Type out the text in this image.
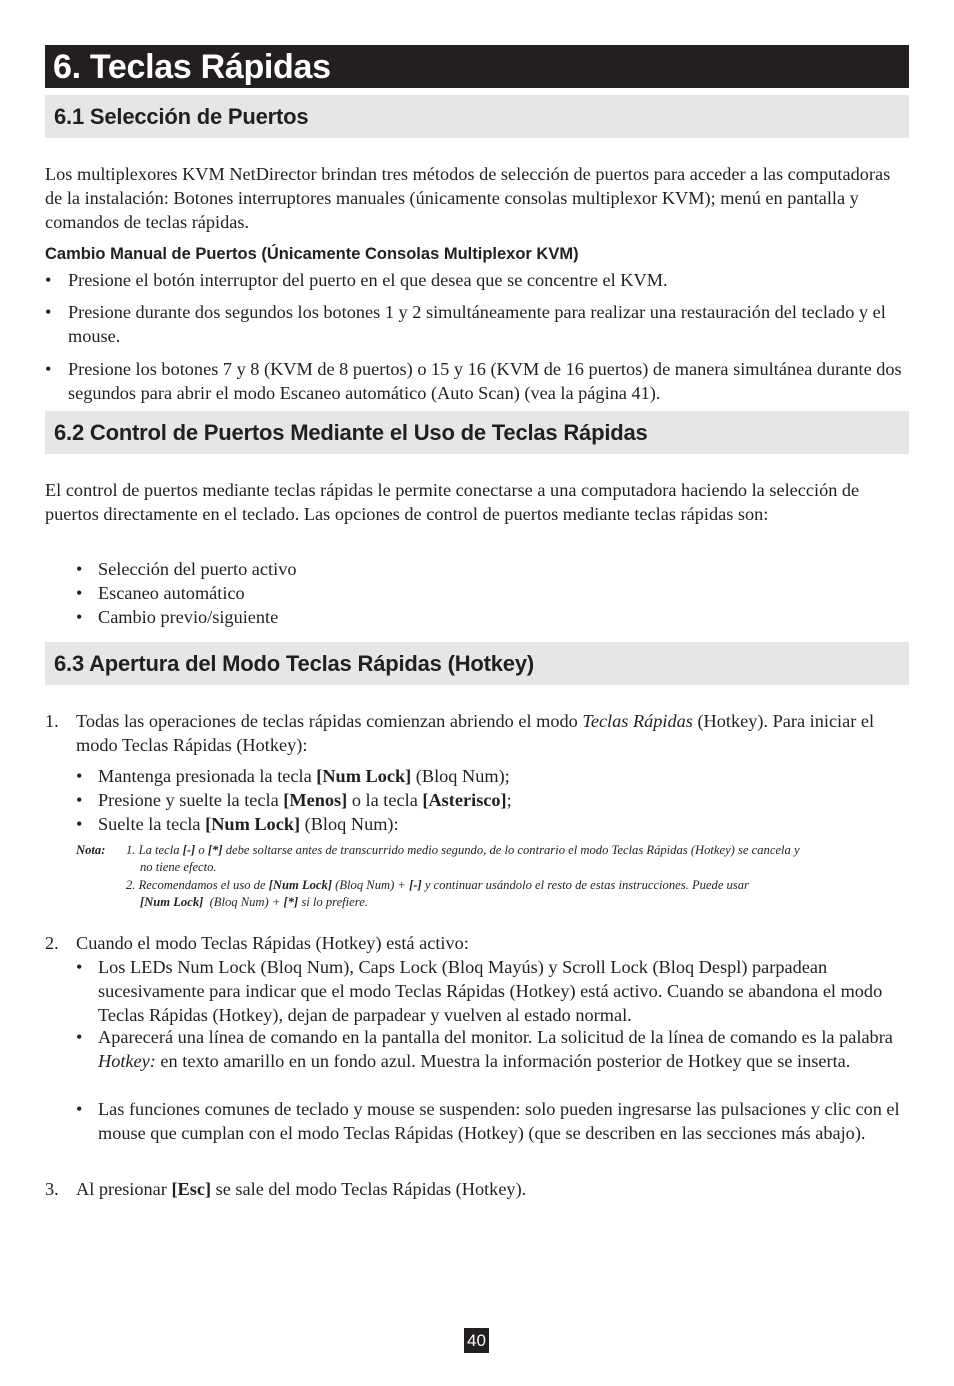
6. Teclas Rápidas
6.1 Selección de Puertos
Los multiplexores KVM NetDirector brindan tres métodos de selección de puertos para acceder a las computadoras de la instalación: Botones interruptores manuales (únicamente consolas multiplexor KVM); menú en pantalla y comandos de teclas rápidas.
Cambio Manual de Puertos (Únicamente Consolas Multiplexor KVM)
• Presione el botón interruptor del puerto en el que desea que se concentre el KVM.
• Presione durante dos segundos los botones 1 y 2 simultáneamente para realizar una restauración del teclado y el mouse.
• Presione los botones 7 y 8 (KVM de 8 puertos) o 15 y 16 (KVM de 16 puertos) de manera simultánea durante dos segundos para abrir el modo Escaneo automático (Auto Scan) (vea la página 41).
6.2 Control de Puertos Mediante el Uso de Teclas Rápidas
El control de puertos mediante teclas rápidas le permite conectarse a una computadora haciendo la selección de puertos directamente en el teclado. Las opciones de control de puertos mediante teclas rápidas son:
• Selección del puerto activo
• Escaneo automático
• Cambio previo/siguiente
6.3 Apertura del Modo Teclas Rápidas (Hotkey)
1. Todas las operaciones de teclas rápidas comienzan abriendo el modo Teclas Rápidas (Hotkey). Para iniciar el modo Teclas Rápidas (Hotkey):
• Mantenga presionada la tecla [Num Lock] (Bloq Num);
• Presione y suelte la tecla [Menos] o la tecla [Asterisco];
• Suelte la tecla [Num Lock] (Bloq Num):
Nota: 1. La tecla [-] o [*] debe soltarse antes de transcurrido medio segundo, de lo contrario el modo Teclas Rápidas (Hotkey) se cancela y
no tiene efecto.
2. Recomendamos el uso de [Num Lock] (Bloq Num) + [-] y continuar usándolo el resto de estas instrucciones. Puede usar
[Num Lock]  (Bloq Num) + [*] si lo prefiere.
2. Cuando el modo Teclas Rápidas (Hotkey) está activo:
• Los LEDs Num Lock (Bloq Num), Caps Lock (Bloq Mayús) y Scroll Lock (Bloq Despl) parpadean sucesivamente para indicar que el modo Teclas Rápidas (Hotkey) está activo. Cuando se abandona el modo Teclas Rápidas (Hotkey), dejan de parpadear y vuelven al estado normal.
• Aparecerá una línea de comando en la pantalla del monitor. La solicitud de la línea de comando es la palabra Hotkey: en texto amarillo en un fondo azul. Muestra la información posterior de Hotkey que se inserta.
• Las funciones comunes de teclado y mouse se suspenden: solo pueden ingresarse las pulsaciones y clic con el mouse que cumplan con el modo Teclas Rápidas (Hotkey) (que se describen en las secciones más abajo).
3. Al presionar [Esc] se sale del modo Teclas Rápidas (Hotkey).
40
